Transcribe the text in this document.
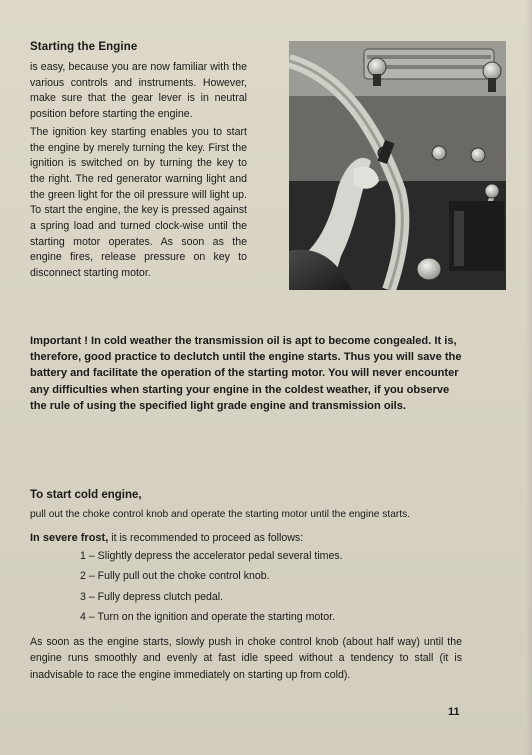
Starting the Engine

is easy, because you are now familiar with the various controls and instruments. However, make sure that the gear lever is in neutral position before starting the engine.

The ignition key starting enables you to start the engine by merely turning the key. First the ignition is switched on by turning the key to the right. The red generator warning light and the green light for the oil pressure will light up. To start the engine, the key is pressed against a spring load and turned clock-wise until the starting motor operates. As soon as the engine fires, release pressure on key to disconnect starting motor.

Important ! In cold weather the transmission oil is apt to become congealed. It is, therefore, good practice to declutch until the engine starts. Thus you will save the battery and facilitate the operation of the starting motor. You will never encounter any difficulties when starting your engine in the coldest weather, if you observe the rule of using the specified light grade engine and transmission oils.

To start cold engine,

pull out the choke control knob and operate the starting motor until the engine starts.

In severe frost, it is recommended to proceed as follows:

1 – Slightly depress the accelerator pedal several times.
2 – Fully pull out the choke control knob.
3 – Fully depress clutch pedal.
4 – Turn on the ignition and operate the starting motor.

As soon as the engine starts, slowly push in choke control knob (about half way) until the engine runs smoothly and evenly at fast idle speed without a tendency to stall (it is inadvisable to race the engine immediately on starting up from cold).

11
